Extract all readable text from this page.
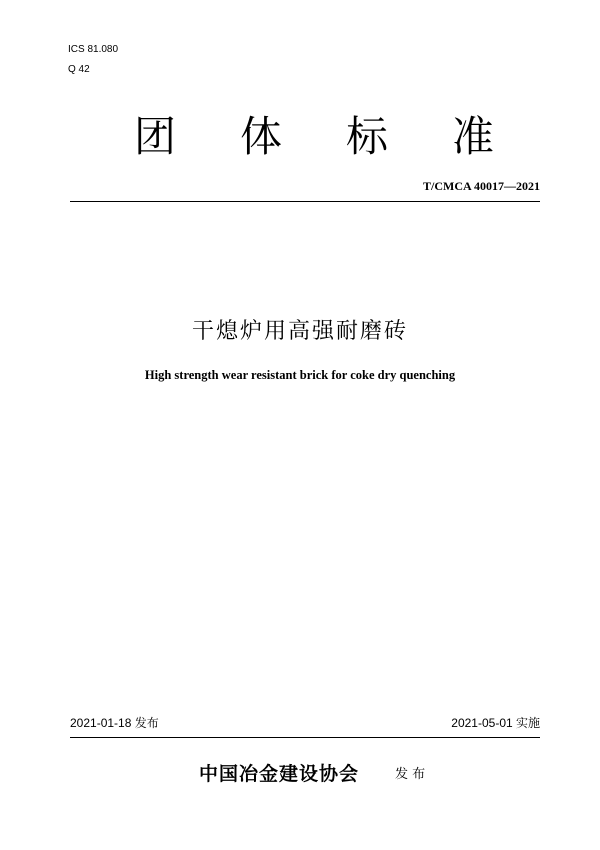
ICS 81.080
Q 42
团 体 标 准
T/CMCA 40017—2021
干熄炉用高强耐磨砖
High strength wear resistant brick for coke dry quenching
2021-01-18 发布	2021-05-01 实施
中国冶金建设协会	发 布
